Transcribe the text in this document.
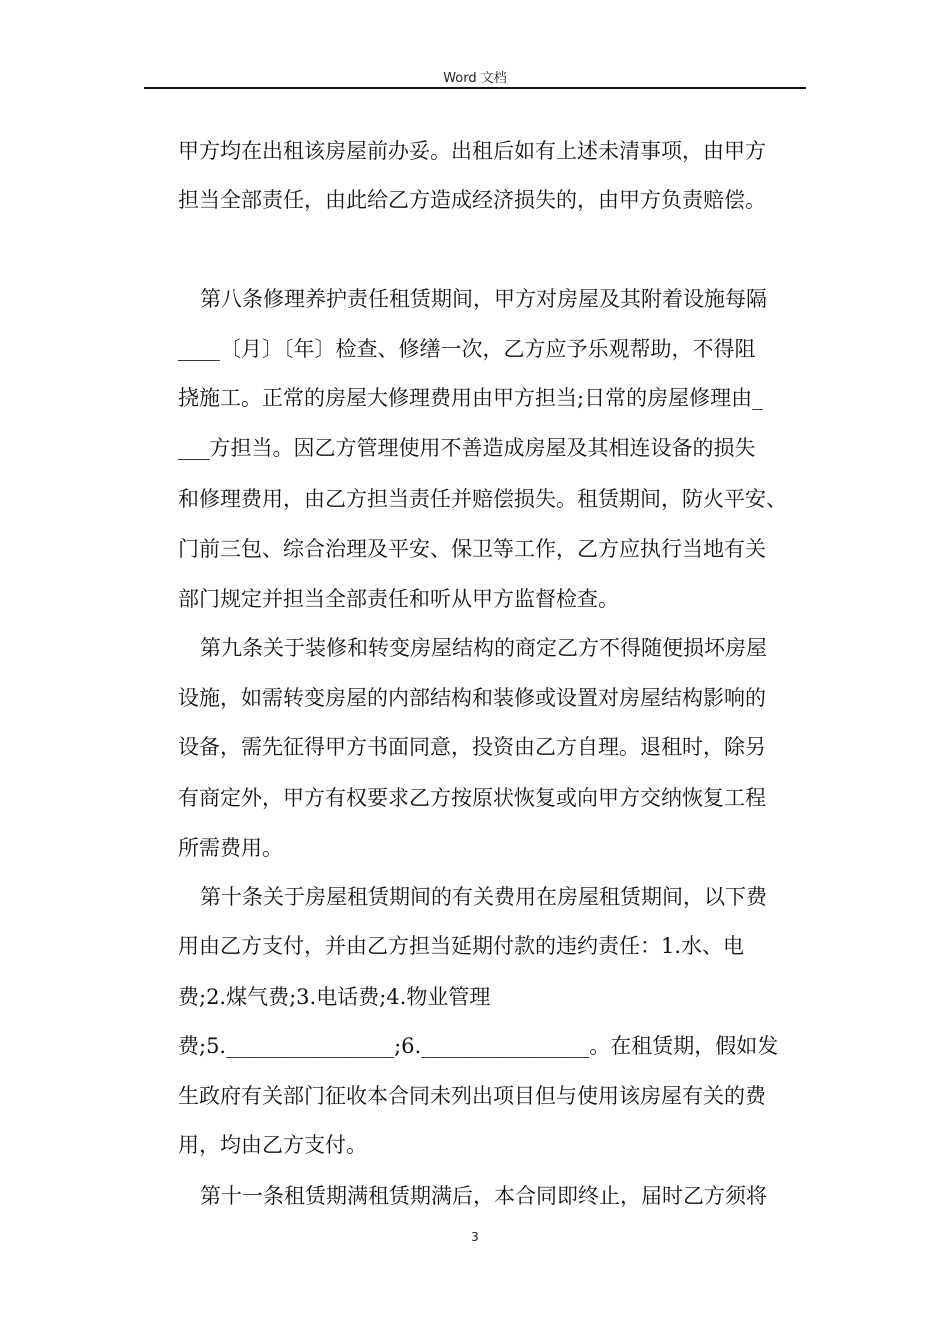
Word 文档
甲方均在出租该房屋前办妥。出租后如有上述未清事项，由甲方
担当全部责任，由此给乙方造成经济损失的，由甲方负责赔偿。
第八条修理养护责任租赁期间，甲方对房屋及其附着设施每隔
____〔月〕〔年〕检查、修缮一次，乙方应予乐观帮助，不得阻
挠施工。正常的房屋大修理费用由甲方担当;日常的房屋修理由_
___方担当。因乙方管理使用不善造成房屋及其相连设备的损失
和修理费用，由乙方担当责任并赔偿损失。租赁期间，防火平安、
门前三包、综合治理及平安、保卫等工作，乙方应执行当地有关
部门规定并担当全部责任和听从甲方监督检查。
第九条关于装修和转变房屋结构的商定乙方不得随便损坏房屋
设施，如需转变房屋的内部结构和装修或设置对房屋结构影响的
设备，需先征得甲方书面同意，投资由乙方自理。退租时，除另
有商定外，甲方有权要求乙方按原状恢复或向甲方交纳恢复工程
所需费用。
第十条关于房屋租赁期间的有关费用在房屋租赁期间，以下费
用由乙方支付，并由乙方担当延期付款的违约责任：1.水、电
费;2.煤气费;3.电话费;4.物业管理
费;5.________________;6.________________。在租赁期，假如发
生政府有关部门征收本合同未列出项目但与使用该房屋有关的费
用，均由乙方支付。
第十一条租赁期满租赁期满后，本合同即终止，届时乙方须将
3
